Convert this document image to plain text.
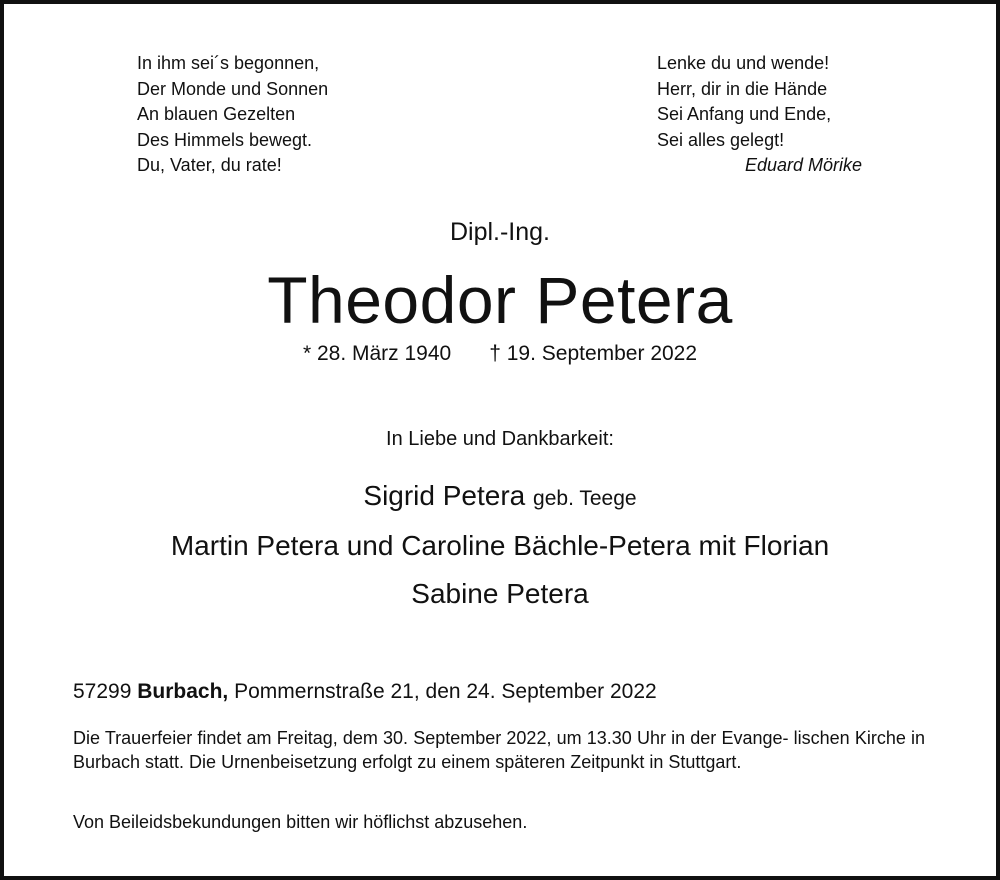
In ihm sei´s begonnen,
Der Monde und Sonnen
An blauen Gezelten
Des Himmels bewegt.
Du, Vater, du rate!
Lenke du und wende!
Herr, dir in die Hände
Sei Anfang und Ende,
Sei alles gelegt!
Eduard Mörike
Dipl.-Ing.
Theodor Petera
* 28. März 1940 † 19. September 2022
In Liebe und Dankbarkeit:
Sigrid Petera geb. Teege
Martin Petera und Caroline Bächle-Petera mit Florian
Sabine Petera
57299 Burbach, Pommernstraße 21, den 24. September 2022
Die Trauerfeier findet am Freitag, dem 30. September 2022, um 13.30 Uhr in der Evange- lischen Kirche in Burbach statt. Die Urnenbeisetzung erfolgt zu einem späteren Zeitpunkt in Stuttgart.
Von Beileidsbekundungen bitten wir höflichst abzusehen.
